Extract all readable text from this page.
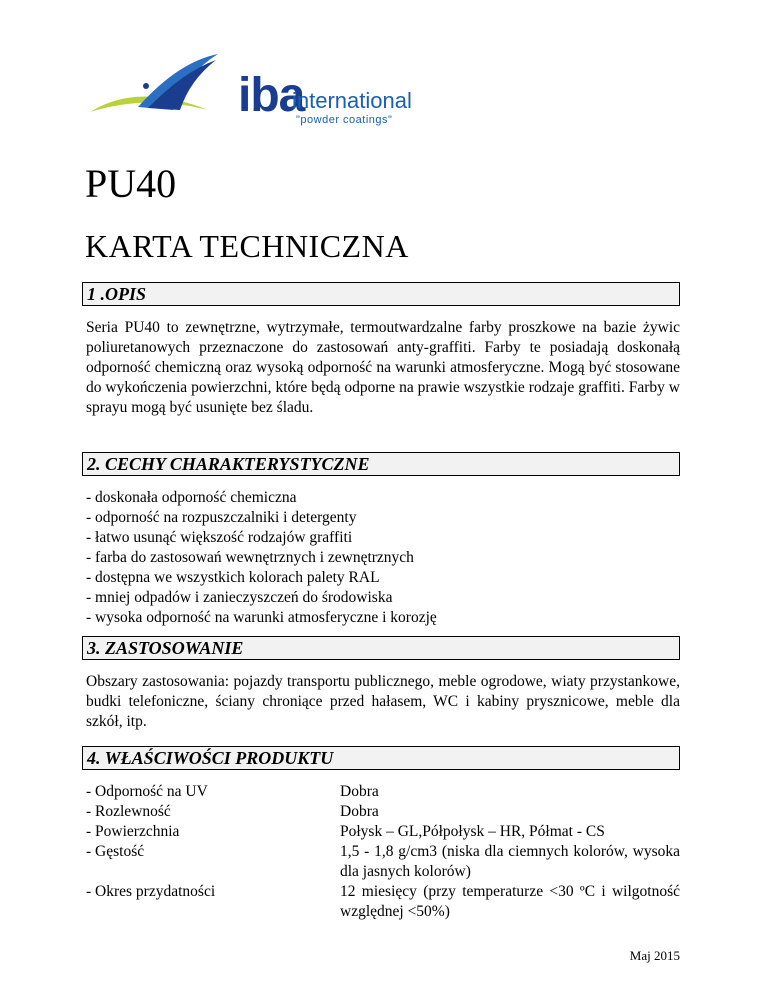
iba
international
"powder coatings"
PU40
KARTA TECHNICZNA
1 .OPIS
Seria PU40 to zewnętrzne, wytrzymałe, termoutwardzalne farby proszkowe na bazie żywic poliuretanowych przeznaczone do zastosowań anty-graffiti. Farby te posiadają doskonałą odporność chemiczną oraz wysoką odporność na warunki atmosferyczne. Mogą być stosowane do wykończenia powierzchni, które będą odporne na prawie wszystkie rodzaje graffiti. Farby w sprayu mogą być usunięte bez śladu.
2. CECHY CHARAKTERYSTYCZNE
- doskonała odporność chemiczna
- odporność na rozpuszczalniki i detergenty
- łatwo usunąć większość rodzajów graffiti
- farba do zastosowań wewnętrznych i zewnętrznych
- dostępna we wszystkich kolorach palety RAL
- mniej odpadów i zanieczyszczeń do środowiska
- wysoka odporność na warunki atmosferyczne i korozję
3. ZASTOSOWANIE
Obszary zastosowania: pojazdy transportu publicznego, meble ogrodowe, wiaty przystankowe, budki telefoniczne, ściany chroniące przed hałasem, WC i kabiny prysznicowe, meble dla szkół, itp.
4. WŁAŚCIWOŚCI PRODUKTU
- Odporność na UV	Dobra
- Rozlewność	Dobra
- Powierzchnia	Połysk – GL,Półpołysk – HR, Półmat - CS
- Gęstość	1,5 - 1,8 g/cm3 (niska dla ciemnych kolorów, wysoka dla jasnych kolorów)
- Okres przydatności	12 miesięcy (przy temperaturze <30 ºC i wilgotność względnej <50%)
Maj 2015
